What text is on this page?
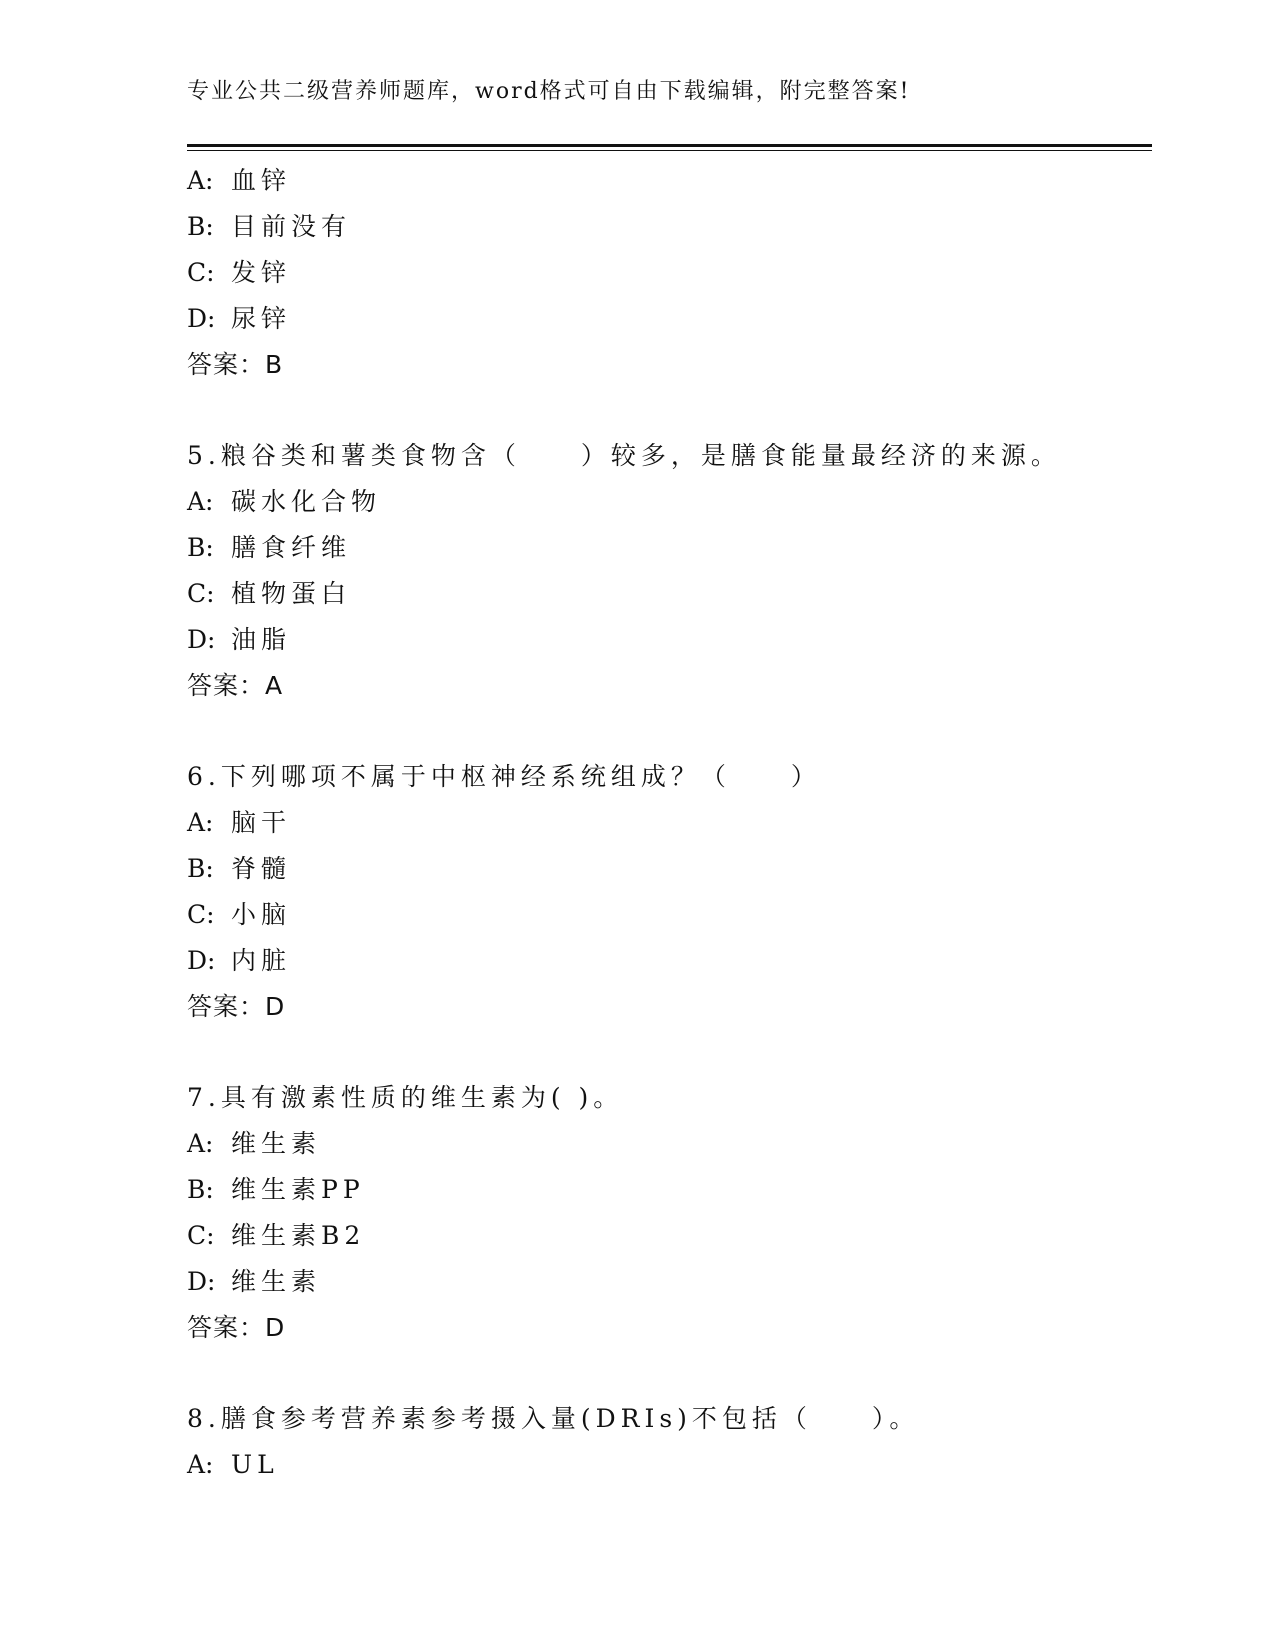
专业公共二级营养师题库，word格式可自由下载编辑，附完整答案!
A: 血锌
B: 目前没有
C: 发锌
D: 尿锌
答案：B
5.粮谷类和薯类食物含（　　）较多，是膳食能量最经济的来源。
A: 碳水化合物
B: 膳食纤维
C: 植物蛋白
D: 油脂
答案：A
6.下列哪项不属于中枢神经系统组成？（　　）
A: 脑干
B: 脊髓
C: 小脑
D: 内脏
答案：D
7.具有激素性质的维生素为( )。
A: 维生素
B: 维生素PP
C: 维生素B2
D: 维生素
答案：D
8.膳食参考营养素参考摄入量(DRIs)不包括（　　）。
A: UL
